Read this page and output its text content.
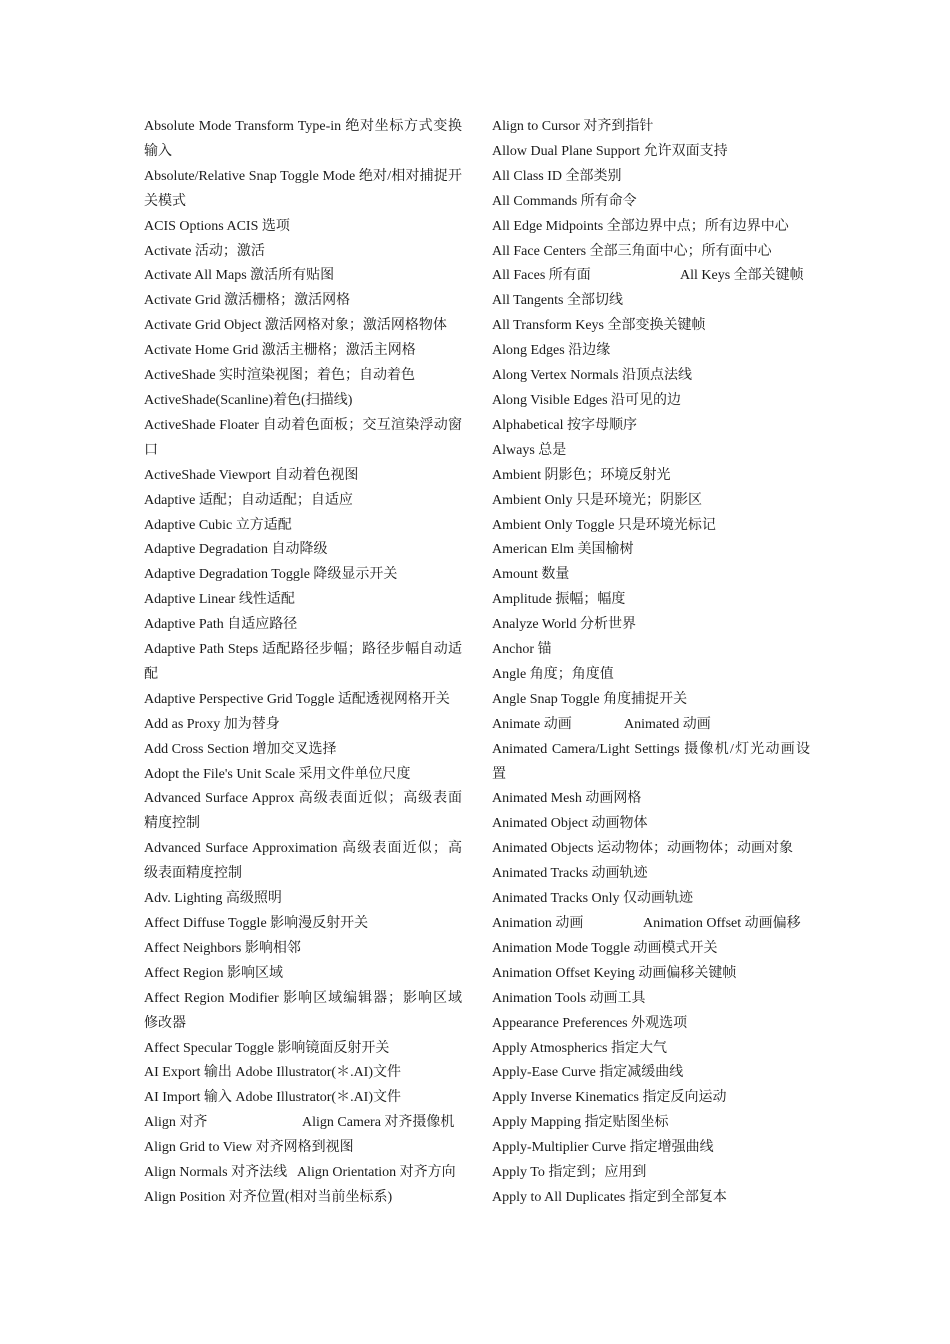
Absolute Mode Transform Type-in 绝对坐标方式变换输入

Absolute/Relative Snap Toggle Mode 绝对/相对捕捉开关模式

ACIS Options ACIS 选项

Activate 活动；激活

Activate All Maps 激活所有贴图

Activate Grid 激活栅格；激活网格

Activate Grid Object 激活网格对象；激活网格物体

Activate Home Grid 激活主栅格；激活主网格

ActiveShade 实时渲染视图；着色；自动着色

ActiveShade(Scanline)着色(扫描线)

ActiveShade Floater 自动着色面板；交互渲染浮动窗口

ActiveShade Viewport 自动着色视图

Adaptive 适配；自动适配；自适应

Adaptive Cubic 立方适配

Adaptive Degradation 自动降级

Adaptive Degradation Toggle 降级显示开关

Adaptive Linear 线性适配

Adaptive Path 自适应路径

Adaptive Path Steps 适配路径步幅；路径步幅自动适配

Adaptive Perspective Grid Toggle 适配透视网格开关

Add as Proxy 加为替身

Add Cross Section 增加交叉选择

Adopt the File's Unit Scale 采用文件单位尺度

Advanced Surface Approx 高级表面近似；高级表面精度控制

Advanced Surface Approximation 高级表面近似；高级表面精度控制

Adv. Lighting 高级照明

Affect Diffuse Toggle 影响漫反射开关

Affect Neighbors 影响相邻

Affect Region 影响区域

Affect Region Modifier 影响区域编辑器；影响区域修改器

Affect Specular Toggle 影响镜面反射开关

AI Export 输出 Adobe Illustrator(＊.AI)文件

AI Import 输入 Adobe Illustrator(＊.AI)文件

Align 对齐	Align Camera 对齐摄像机

Align Grid to View 对齐网格到视图

Align Normals 对齐法线 Align Orientation 对齐方向

Align Position 对齐位置(相对当前坐标系)

Align to Cursor 对齐到指针

Allow Dual Plane Support 允许双面支持

All Class ID 全部类别

All Commands 所有命令

All Edge Midpoints 全部边界中点；所有边界中心

All Face Centers 全部三角面中心；所有面中心

All Faces 所有面	All Keys 全部关键帧

All Tangents 全部切线

All Transform Keys 全部变换关键帧

Along Edges 沿边缘

Along Vertex Normals 沿顶点法线

Along Visible Edges 沿可见的边

Alphabetical 按字母顺序

Always 总是

Ambient 阴影色；环境反射光

Ambient Only 只是环境光；阴影区

Ambient Only Toggle 只是环境光标记

American Elm 美国榆树

Amount 数量

Amplitude 振幅；幅度

Analyze World 分析世界

Anchor 锚

Angle 角度；角度值

Angle Snap Toggle 角度捕捉开关

Animate 动画	Animated 动画

Animated Camera/Light Settings 摄像机/灯光动画设置

Animated Mesh 动画网格

Animated Object 动画物体

Animated Objects 运动物体；动画物体；动画对象

Animated Tracks 动画轨迹

Animated Tracks Only 仅动画轨迹

Animation 动画	Animation Offset 动画偏移

Animation Mode Toggle 动画模式开关

Animation Offset Keying 动画偏移关键帧

Animation Tools 动画工具

Appearance Preferences 外观选项

Apply Atmospherics 指定大气

Apply-Ease Curve 指定减缓曲线

Apply Inverse Kinematics 指定反向运动

Apply Mapping 指定贴图坐标

Apply-Multiplier Curve 指定增强曲线

Apply To 指定到；应用到

Apply to All Duplicates 指定到全部复本
